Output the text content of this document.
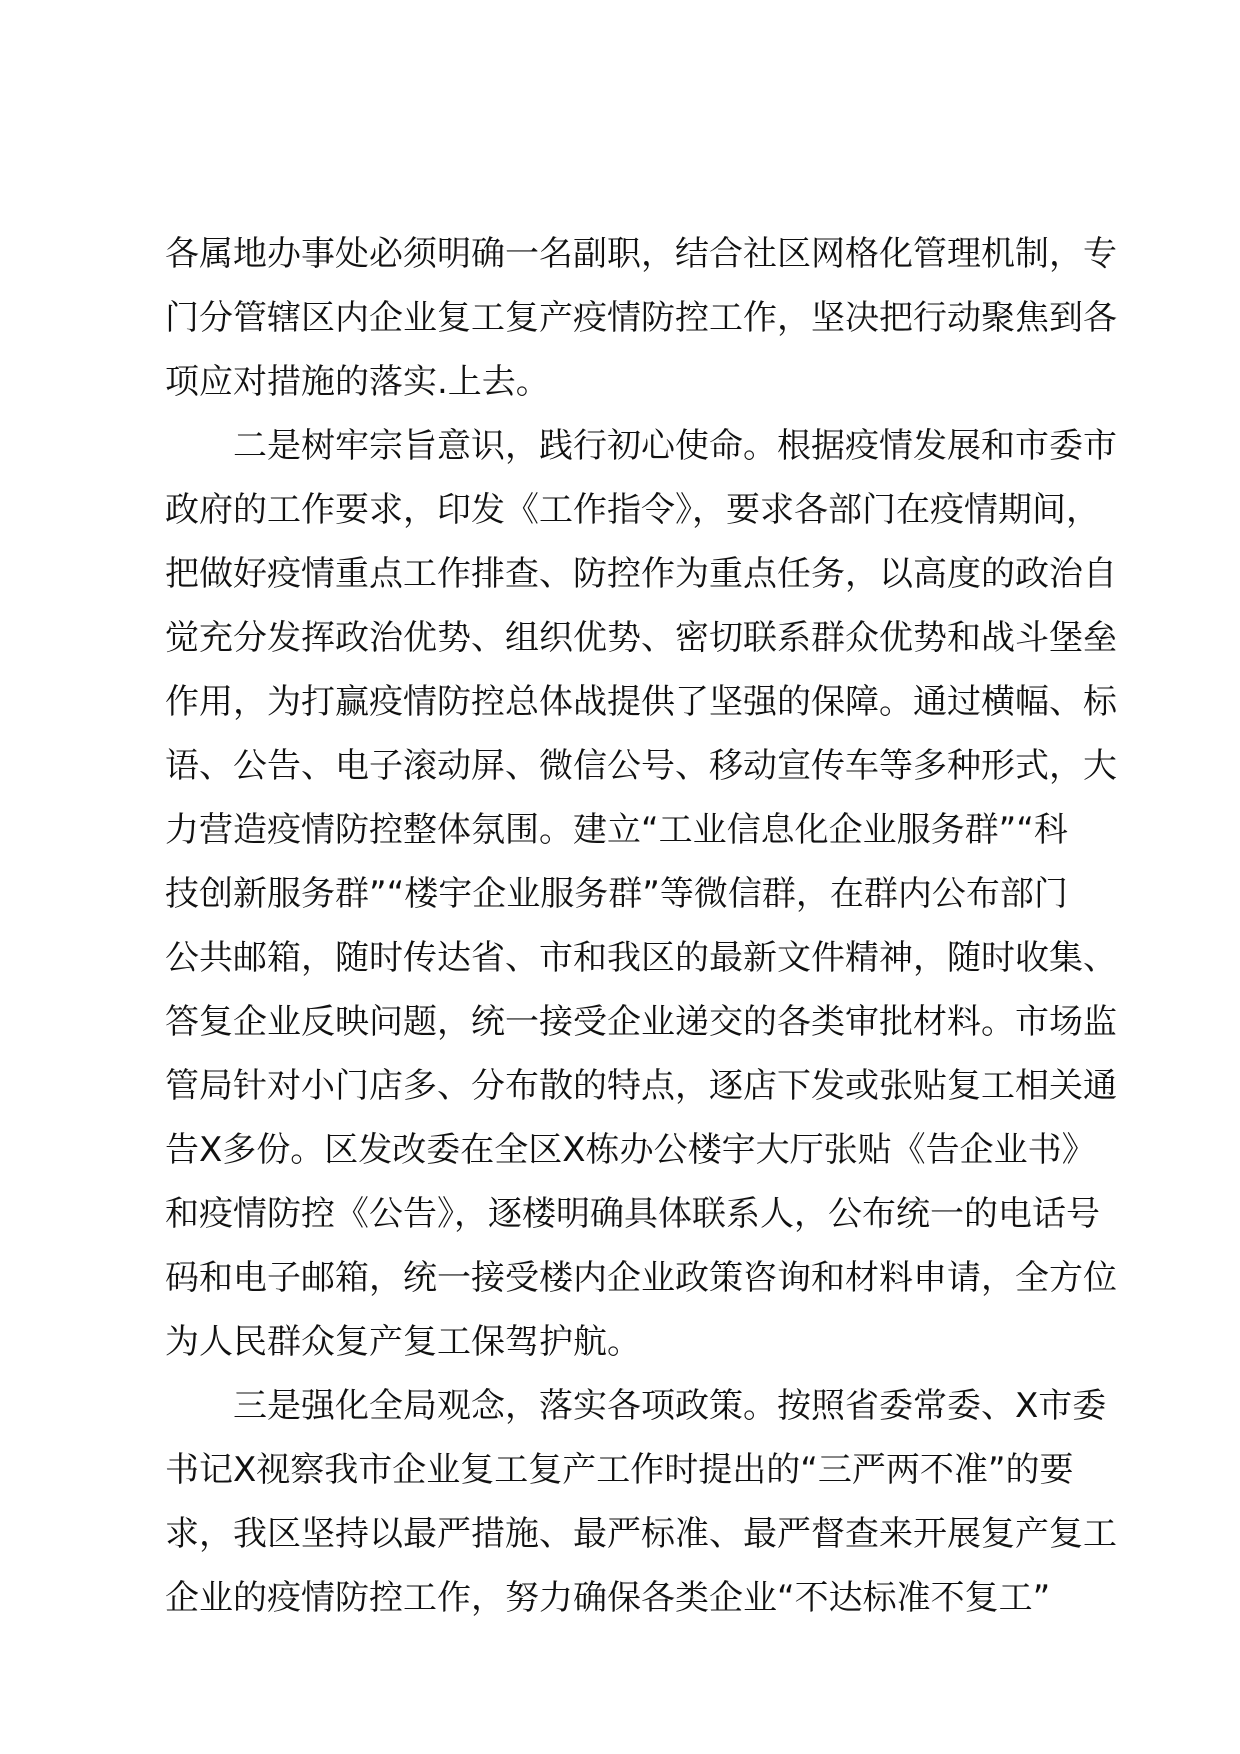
各属地办事处必须明确一名副职，结合社区网格化管理机制，专
门分管辖区内企业复工复产疫情防控工作，坚决把行动聚焦到各
项应对措施的落实.上去。
二是树牢宗旨意识，践行初心使命。根据疫情发展和市委市
政府的工作要求，印发《工作指令》，要求各部门在疫情期间，
把做好疫情重点工作排查、防控作为重点任务，以高度的政治自
觉充分发挥政治优势、组织优势、密切联系群众优势和战斗堡垒
作用，为打赢疫情防控总体战提供了坚强的保障。通过横幅、标
语、公告、电子滚动屏、微信公号、移动宣传车等多种形式，大
力营造疫情防控整体氛围。建立“工业信息化企业服务群”“科
技创新服务群”“楼宇企业服务群”等微信群，在群内公布部门
公共邮箱，随时传达省、市和我区的最新文件精神，随时收集、
答复企业反映问题，统一接受企业递交的各类审批材料。市场监
管局针对小门店多、分布散的特点，逐店下发或张贴复工相关通
告X多份。区发改委在全区X栋办公楼宇大厅张贴《告企业书》
和疫情防控《公告》，逐楼明确具体联系人，公布统一的电话号
码和电子邮箱，统一接受楼内企业政策咨询和材料申请，全方位
为人民群众复产复工保驾护航。
三是强化全局观念，落实各项政策。按照省委常委、X市委
书记X视察我市企业复工复产工作时提出的“三严两不准”的要
求，我区坚持以最严措施、最严标准、最严督查来开展复产复工
企业的疫情防控工作，努力确保各类企业“不达标准不复工”
